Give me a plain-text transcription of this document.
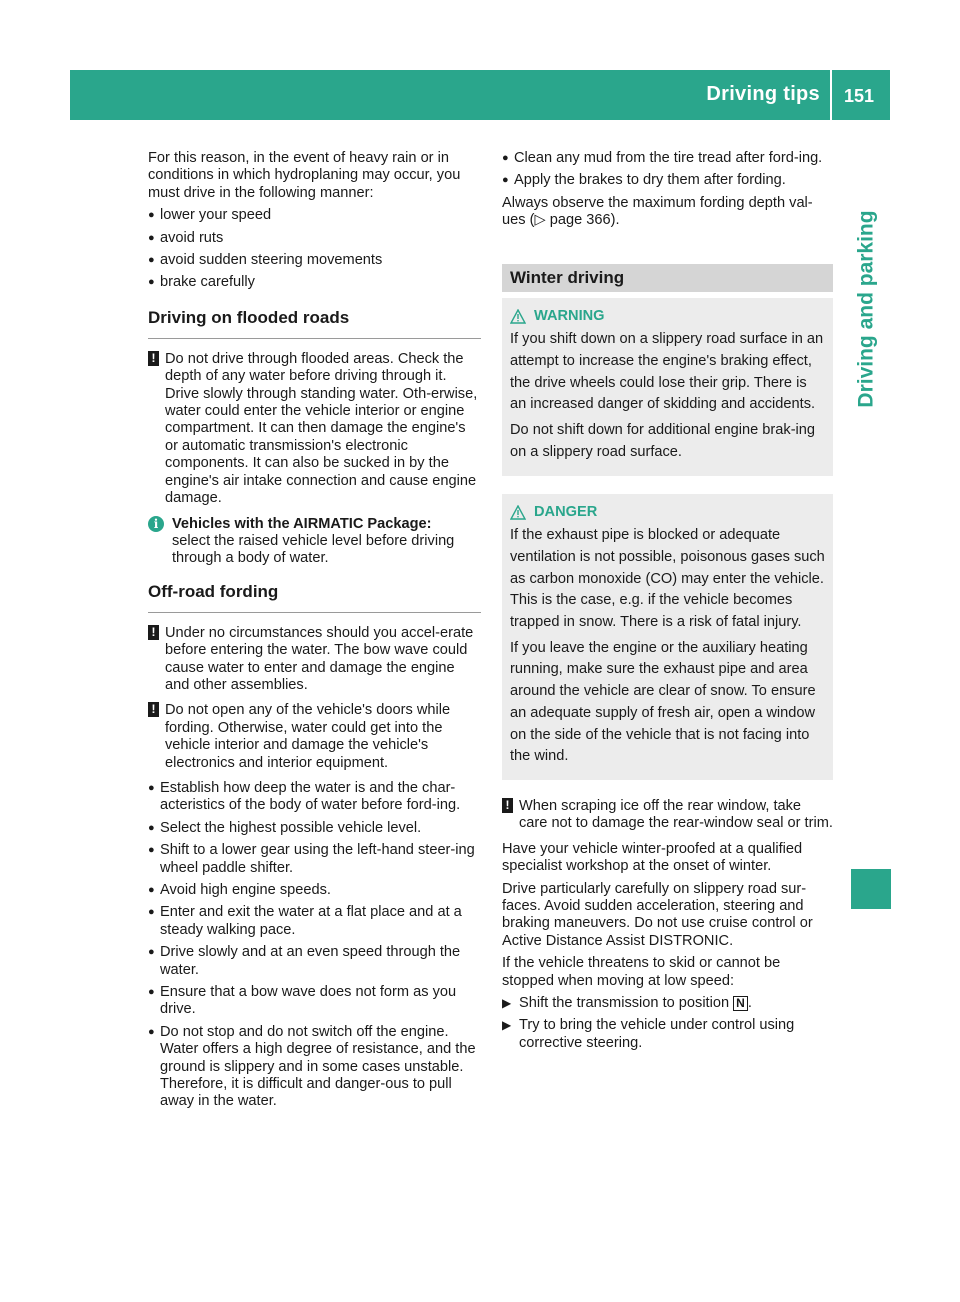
Driving tips 151
Driving and parking

For this reason, in the event of heavy rain or in conditions in which hydroplaning may occur, you must drive in the following manner:

● lower your speed
● avoid ruts
● avoid sudden steering movements
● brake carefully
Driving on flooded roads
! Do not drive through flooded areas. Check the depth of any water before driving through it. Drive slowly through standing water. Oth-erwise, water could enter the vehicle interior or engine compartment. It can then damage the engine's or automatic transmission's electronic components. It can also be sucked in by the engine's air intake connection and cause engine damage.
i Vehicles with the AIRMATIC Package:
select the raised vehicle level before driving through a body of water.
Off-road fording
! Under no circumstances should you accel-erate before entering the water. The bow wave could cause water to enter and damage the engine and other assemblies.
! Do not open any of the vehicle's doors while fording. Otherwise, water could get into the vehicle interior and damage the vehicle's electronics and interior equipment.
● Establish how deep the water is and the char-acteristics of the body of water before ford-ing.
● Select the highest possible vehicle level.
● Shift to a lower gear using the left-hand steer-ing wheel paddle shifter.
● Avoid high engine speeds.
● Enter and exit the water at a flat place and at a steady walking pace.
● Drive slowly and at an even speed through the water.
● Ensure that a bow wave does not form as you drive.
● Do not stop and do not switch off the engine. Water offers a high degree of resistance, and the ground is slippery and in some cases unstable. Therefore, it is difficult and danger-ous to pull away in the water.
● Clean any mud from the tire tread after ford-ing.
● Apply the brakes to dry them after fording.

Always observe the maximum fording depth val-ues (▷ page 366).

Winter driving
WARNING

If you shift down on a slippery road surface in an attempt to increase the engine's braking effect, the drive wheels could lose their grip. There is an increased danger of skidding and accidents.

Do not shift down for additional engine brak-ing on a slippery road surface.

DANGER

If the exhaust pipe is blocked or adequate ventilation is not possible, poisonous gases such as carbon monoxide (CO) may enter the vehicle. This is the case, e.g. if the vehicle becomes trapped in snow. There is a risk of fatal injury.

If you leave the engine or the auxiliary heating running, make sure the exhaust pipe and area around the vehicle are clear of snow. To ensure an adequate supply of fresh air, open a window on the side of the vehicle that is not facing into the wind.

! When scraping ice off the rear window, take care not to damage the rear-window seal or trim.

Have your vehicle winter-proofed at a qualified specialist workshop at the onset of winter.

Drive particularly carefully on slippery road sur-faces. Avoid sudden acceleration, steering and braking maneuvers. Do not use cruise control or Active Distance Assist DISTRONIC.

If the vehicle threatens to skid or cannot be stopped when moving at low speed:

▶ Shift the transmission to position N .
▶ Try to bring the vehicle under control using corrective steering.
